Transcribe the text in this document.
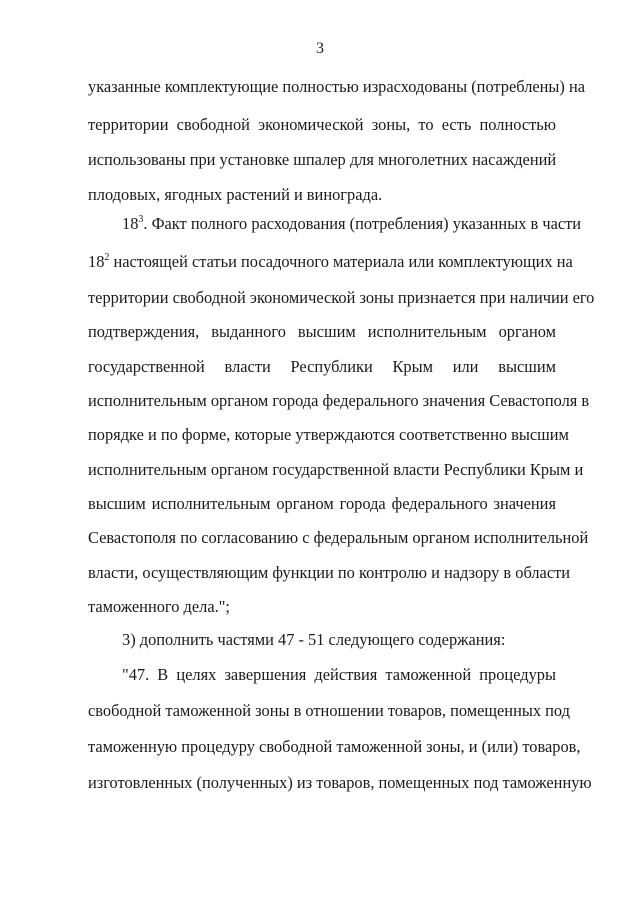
3
указанные комплектующие полностью израсходованы (потреблены) на
территории свободной экономической зоны, то есть полностью
использованы при установке шпалер для многолетних насаждений
плодовых, ягодных растений и винограда.
$18^3$. Факт полного расходования (потребления) указанных в части
$18^2$ настоящей статьи посадочного материала или комплектующих на
территории свободной экономической зоны признается при наличии его
подтверждения, выданного высшим исполнительным органом
государственной власти Республики Крым или высшим
исполнительным органом города федерального значения Севастополя в
порядке и по форме, которые утверждаются соответственно высшим
исполнительным органом государственной власти Республики Крым и
высшим исполнительным органом города федерального значения
Севастополя по согласованию с федеральным органом исполнительной
власти, осуществляющим функции по контролю и надзору в области
таможенного дела.";
3) дополнить частями 47 - 51 следующего содержания:
"47. В целях завершения действия таможенной процедуры
свободной таможенной зоны в отношении товаров, помещенных под
таможенную процедуру свободной таможенной зоны, и (или) товаров,
изготовленных (полученных) из товаров, помещенных под таможенную
